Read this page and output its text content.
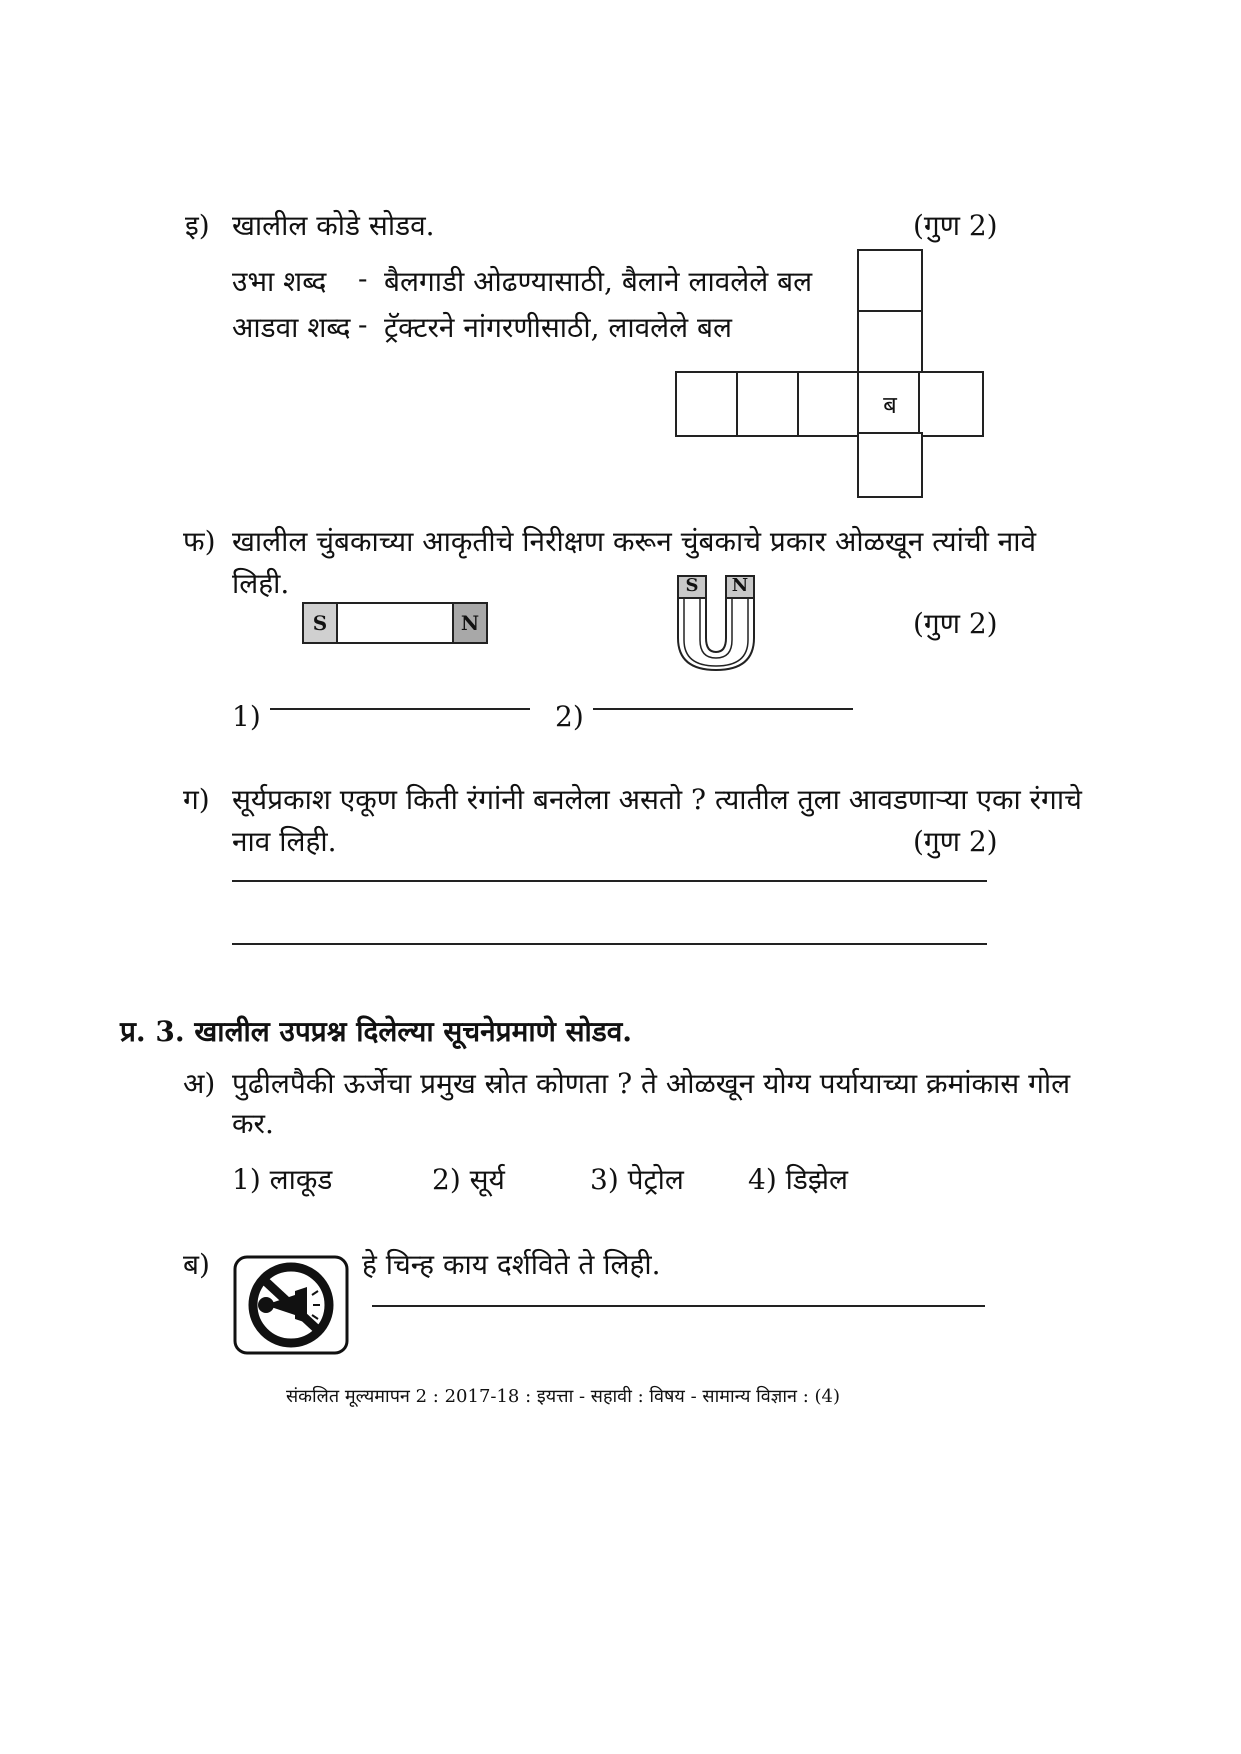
इ) खालील कोडे सोडव.	(गुण 2)
उभा शब्द - बैलगाडी ओढण्यासाठी, बैलाने लावलेले बल
आडवा शब्द - ट्रॅक्टरने नांगरणीसाठी, लावलेले बल
ब
फ) खालील चुंबकाच्या आकृतीचे निरीक्षण करून चुंबकाचे प्रकार ओळखून त्यांची नावे
लिही.
(गुण 2)
S	N
S	N
1)	2)
ग) सूर्यप्रकाश एकूण किती रंगांनी बनलेला असतो ? त्यातील तुला आवडणाऱ्या एका रंगाचे
नाव लिही.	(गुण 2)
प्र. 3. खालील उपप्रश्न दिलेल्या सूचनेप्रमाणे सोडव.
अ) पुढीलपैकी ऊर्जेचा प्रमुख स्रोत कोणता ? ते ओळखून योग्य पर्यायाच्या क्रमांकास गोल
कर.
1) लाकूड	2) सूर्य	3) पेट्रोल 4) डिझेल
ब)	हे चिन्ह काय दर्शविते ते लिही.
संकलित मूल्यमापन 2 : 2017-18 : इयत्ता - सहावी : विषय - सामान्य विज्ञान : (4)
